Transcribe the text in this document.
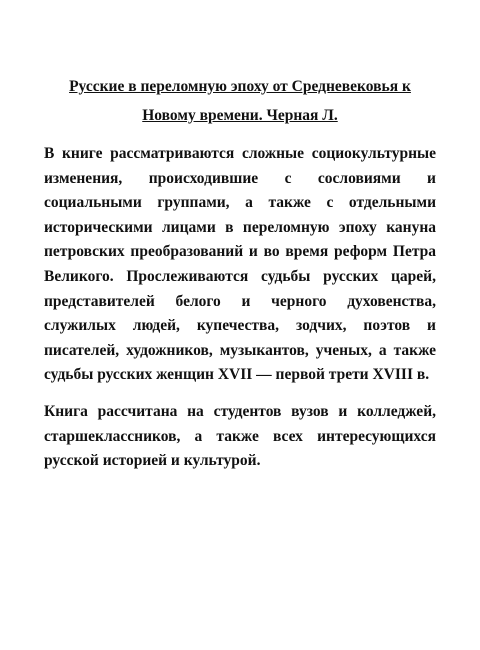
Русские в переломную эпоху от Средневековья к Новому времени. Черная Л.
В книге рассматриваются сложные социокультурные изменения, происходившие с сословиями и социальными группами, а также с отдельными историческими лицами в переломную эпоху кануна петровских преобразований и во время реформ Петра Великого. Прослеживаются судьбы русских царей, представителей белого и черного духовенства, служилых людей, купечества, зодчих, поэтов и писателей, художников, музыкантов, ученых, а также судьбы русских женщин XVII — первой трети XVIII в.
Книга рассчитана на студентов вузов и колледжей, старшеклассников, а также всех интересующихся русской историей и культурой.
